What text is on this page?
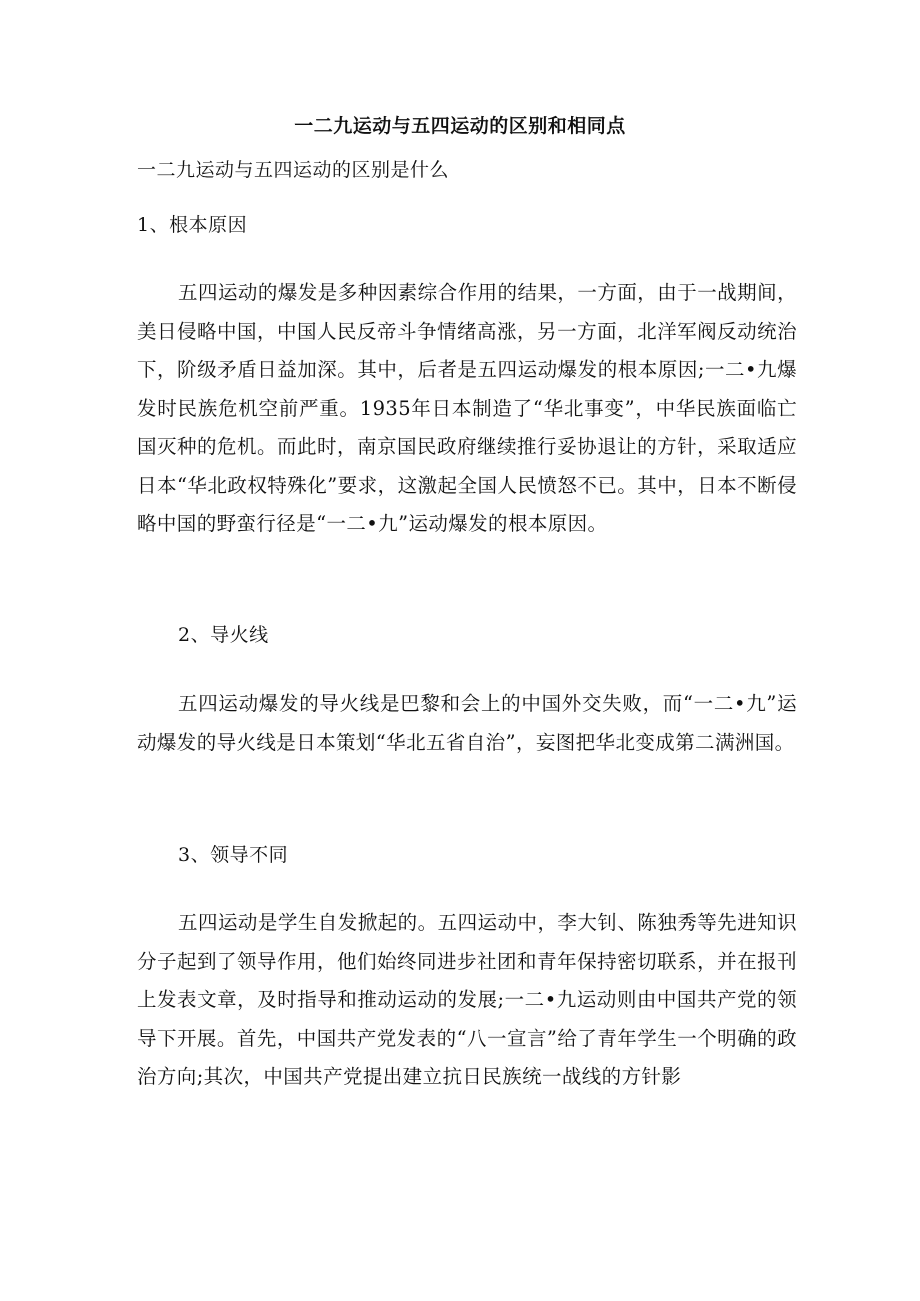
一二九运动与五四运动的区别和相同点
一二九运动与五四运动的区别是什么
1、根本原因
五四运动的爆发是多种因素综合作用的结果，一方面，由于一战期间，美日侵略中国，中国人民反帝斗争情绪高涨，另一方面，北洋军阀反动统治下，阶级矛盾日益加深。其中，后者是五四运动爆发的根本原因;一二•九爆发时民族危机空前严重。1935年日本制造了“华北事变”，中华民族面临亡国灭种的危机。而此时，南京国民政府继续推行妥协退让的方针，采取适应日本“华北政权特殊化”要求，这激起全国人民愤怒不已。其中，日本不断侵略中国的野蛮行径是“一二•九”运动爆发的根本原因。
2、导火线
五四运动爆发的导火线是巴黎和会上的中国外交失败，而“一二•九”运动爆发的导火线是日本策划“华北五省自治”，妄图把华北变成第二满洲国。
3、领导不同
五四运动是学生自发掀起的。五四运动中，李大钊、陈独秀等先进知识分子起到了领导作用，他们始终同进步社团和青年保持密切联系，并在报刊上发表文章，及时指导和推动运动的发展;一二•九运动则由中国共产党的领导下开展。首先，中国共产党发表的“八一宣言”给了青年学生一个明确的政治方向;其次，中国共产党提出建立抗日民族统一战线的方针影
